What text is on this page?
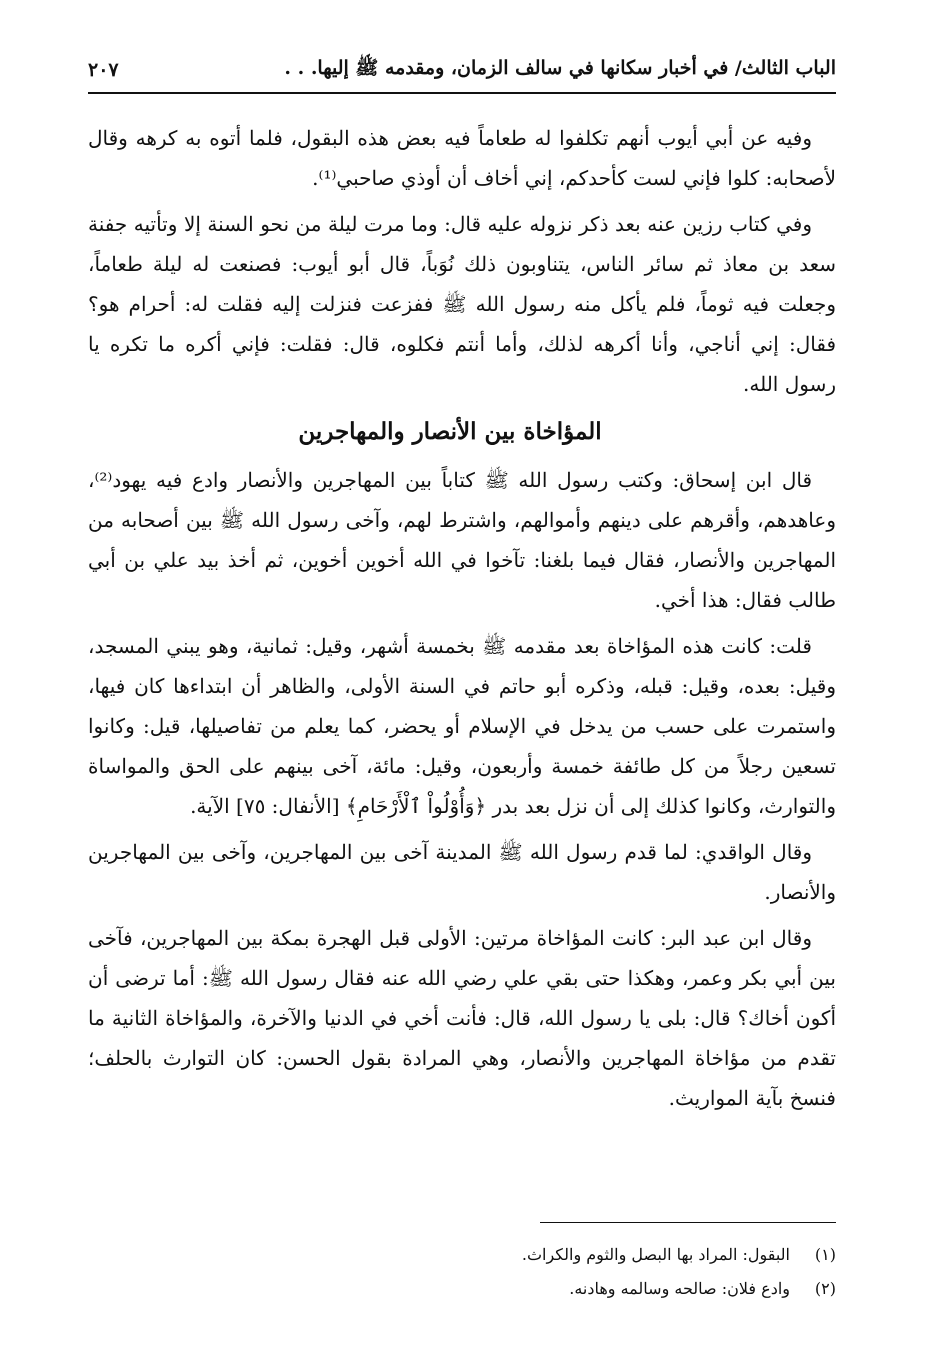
الباب الثالث/ في أخبار سكانها في سالف الزمان، ومقدمه ﷺ إليها. . .
٢٠٧

وفيه عن أبي أيوب أنهم تكلفوا له طعاماً فيه بعض هذه البقول، فلما أتوه به كرهه وقال لأصحابه: كلوا فإني لست كأحدكم، إني أخاف أن أوذي صاحبي⁽¹⁾.

وفي كتاب رزين عنه بعد ذكر نزوله عليه قال: وما مرت ليلة من نحو السنة إلا وتأتيه جفنة سعد بن معاذ ثم سائر الناس، يتناوبون ذلك نُوَباً، قال أبو أيوب: فصنعت له ليلة طعاماً، وجعلت فيه ثوماً، فلم يأكل منه رسول الله ﷺ ففزعت فنزلت إليه فقلت له: أحرام هو؟ فقال: إني أناجي، وأنا أكرهه لذلك، وأما أنتم فكلوه، قال: فقلت: فإني أكره ما تكره يا رسول الله.

المؤاخاة بين الأنصار والمهاجرين

قال ابن إسحاق: وكتب رسول الله ﷺ كتاباً بين المهاجرين والأنصار وادع فيه يهود⁽²⁾، وعاهدهم، وأقرهم على دينهم وأموالهم، واشترط لهم، وآخى رسول الله ﷺ بين أصحابه من المهاجرين والأنصار، فقال فيما بلغنا: تآخوا في الله أخوين أخوين، ثم أخذ بيد علي بن أبي طالب فقال: هذا أخي.

قلت: كانت هذه المؤاخاة بعد مقدمه ﷺ بخمسة أشهر، وقيل: ثمانية، وهو يبني المسجد، وقيل: بعده، وقيل: قبله، وذكره أبو حاتم في السنة الأولى، والظاهر أن ابتداءها كان فيها، واستمرت على حسب من يدخل في الإسلام أو يحضر، كما يعلم من تفاصيلها، قيل: وكانوا تسعين رجلاً من كل طائفة خمسة وأربعون، وقيل: مائة، آخى بينهم على الحق والمواساة والتوارث، وكانوا كذلك إلى أن نزل بعد بدر ﴿وَأُوْلُواْ ٱلْأَرْحَامِ﴾ [الأنفال: ٧٥] الآية.

وقال الواقدي: لما قدم رسول الله ﷺ المدينة آخى بين المهاجرين، وآخى بين المهاجرين والأنصار.

وقال ابن عبد البر: كانت المؤاخاة مرتين: الأولى قبل الهجرة بمكة بين المهاجرين، فآخى بين أبي بكر وعمر، وهكذا حتى بقي علي رضي الله عنه فقال رسول الله ﷺ: أما ترضى أن أكون أخاك؟ قال: بلى يا رسول الله، قال: فأنت أخي في الدنيا والآخرة، والمؤاخاة الثانية ما تقدم من مؤاخاة المهاجرين والأنصار، وهي المرادة بقول الحسن: كان التوارث بالحلف؛ فنسخ بآية المواريث.

(١)
البقول: المراد بها البصل والثوم والكراث.
(٢)
وادع فلان: صالحه وسالمه وهادنه.
